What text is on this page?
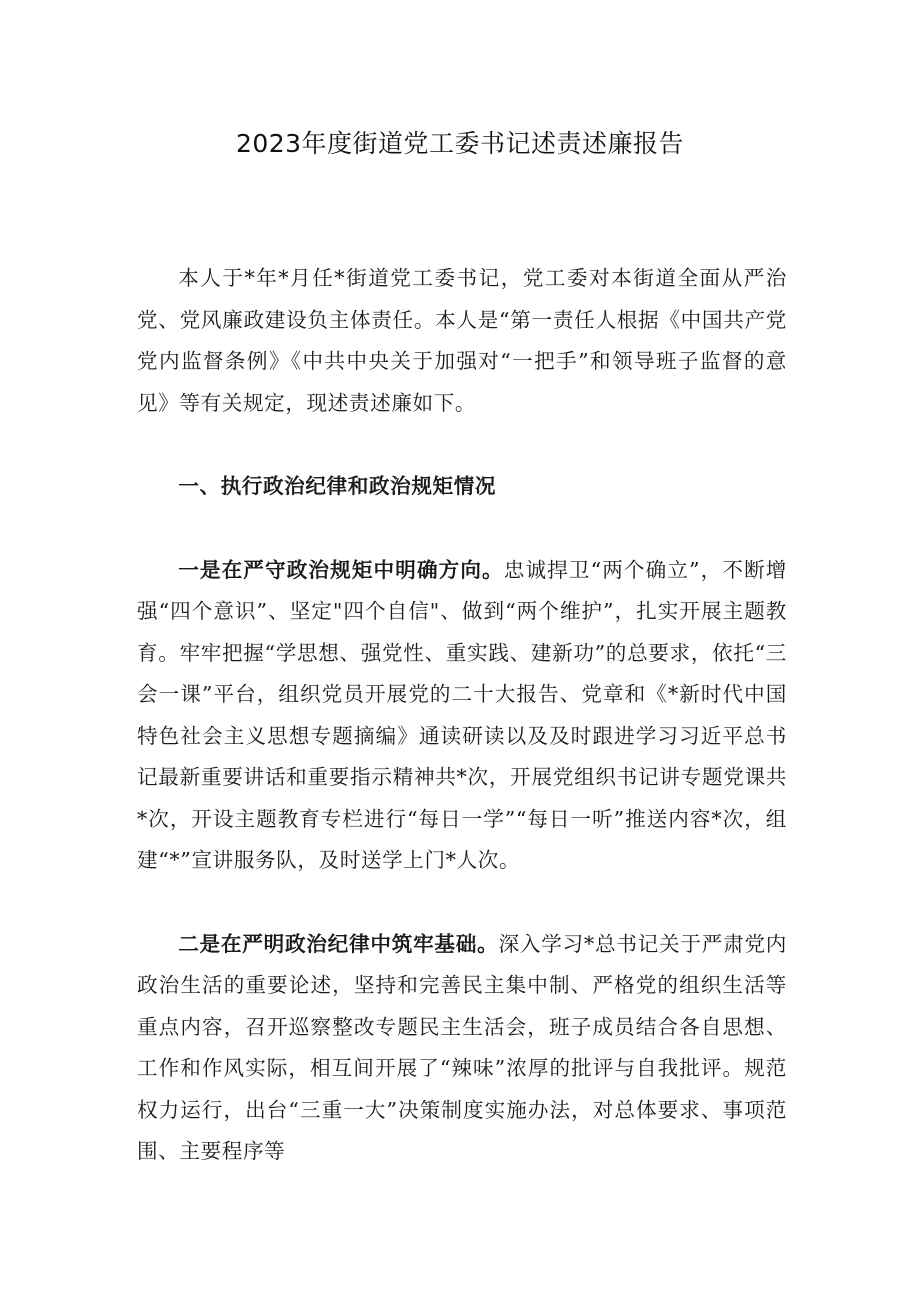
2023年度街道党工委书记述责述廉报告

本人于*年*月任*街道党工委书记，党工委对本街道全面从严治党、党风廉政建设负主体责任。本人是“第一责任人根据《中国共产党党内监督条例》《中共中央关于加强对“一把手”和领导班子监督的意见》等有关规定，现述责述廉如下。

一、执行政治纪律和政治规矩情况

一是在严守政治规矩中明确方向。忠诚捍卫“两个确立”，不断增强“四个意识”、坚定"四个自信"、做到“两个维护”，扎实开展主题教育。牢牢把握“学思想、强党性、重实践、建新功”的总要求，依托“三会一课”平台，组织党员开展党的二十大报告、党章和《*新时代中国特色社会主义思想专题摘编》通读研读以及及时跟进学习习近平总书记最新重要讲话和重要指示精神共*次，开展党组织书记讲专题党课共*次，开设主题教育专栏进行“每日一学”“每日一听”推送内容*次，组建“*”宣讲服务队，及时送学上门*人次。

二是在严明政治纪律中筑牢基础。深入学习*总书记关于严肃党内政治生活的重要论述，坚持和完善民主集中制、严格党的组织生活等重点内容，召开巡察整改专题民主生活会，班子成员结合各自思想、工作和作风实际，相互间开展了“辣味”浓厚的批评与自我批评。规范权力运行，出台“三重一大”决策制度实施办法，对总体要求、事项范围、主要程序等
